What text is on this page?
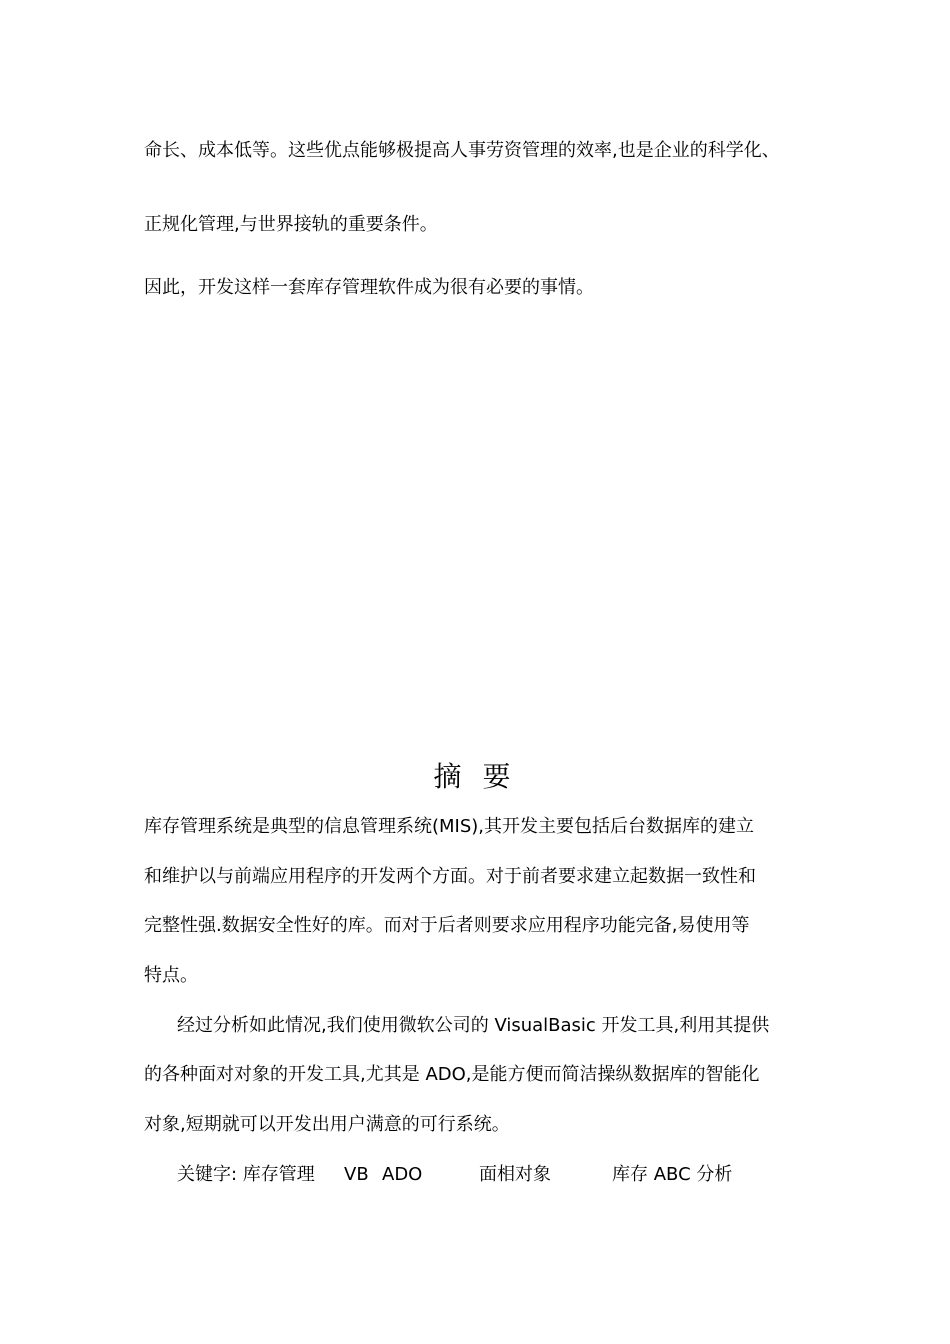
命长、成本低等。这些优点能够极提高人事劳资管理的效率,也是企业的科学化、
正规化管理,与世界接轨的重要条件。
因此，开发这样一套库存管理软件成为很有必要的事情。
摘 要
库存管理系统是典型的信息管理系统(MIS),其开发主要包括后台数据库的建立
和维护以与前端应用程序的开发两个方面。对于前者要求建立起数据一致性和
完整性强.数据安全性好的库。而对于后者则要求应用程序功能完备,易使用等
特点。
经过分析如此情况,我们使用微软公司的 VisualBasic 开发工具,利用其提供
的各种面对对象的开发工具,尤其是 ADO,是能方便而简洁操纵数据库的智能化
对象,短期就可以开发出用户满意的可行系统。
关键字: 库存管理 VB ADO	面相对象	库存 ABC 分析
